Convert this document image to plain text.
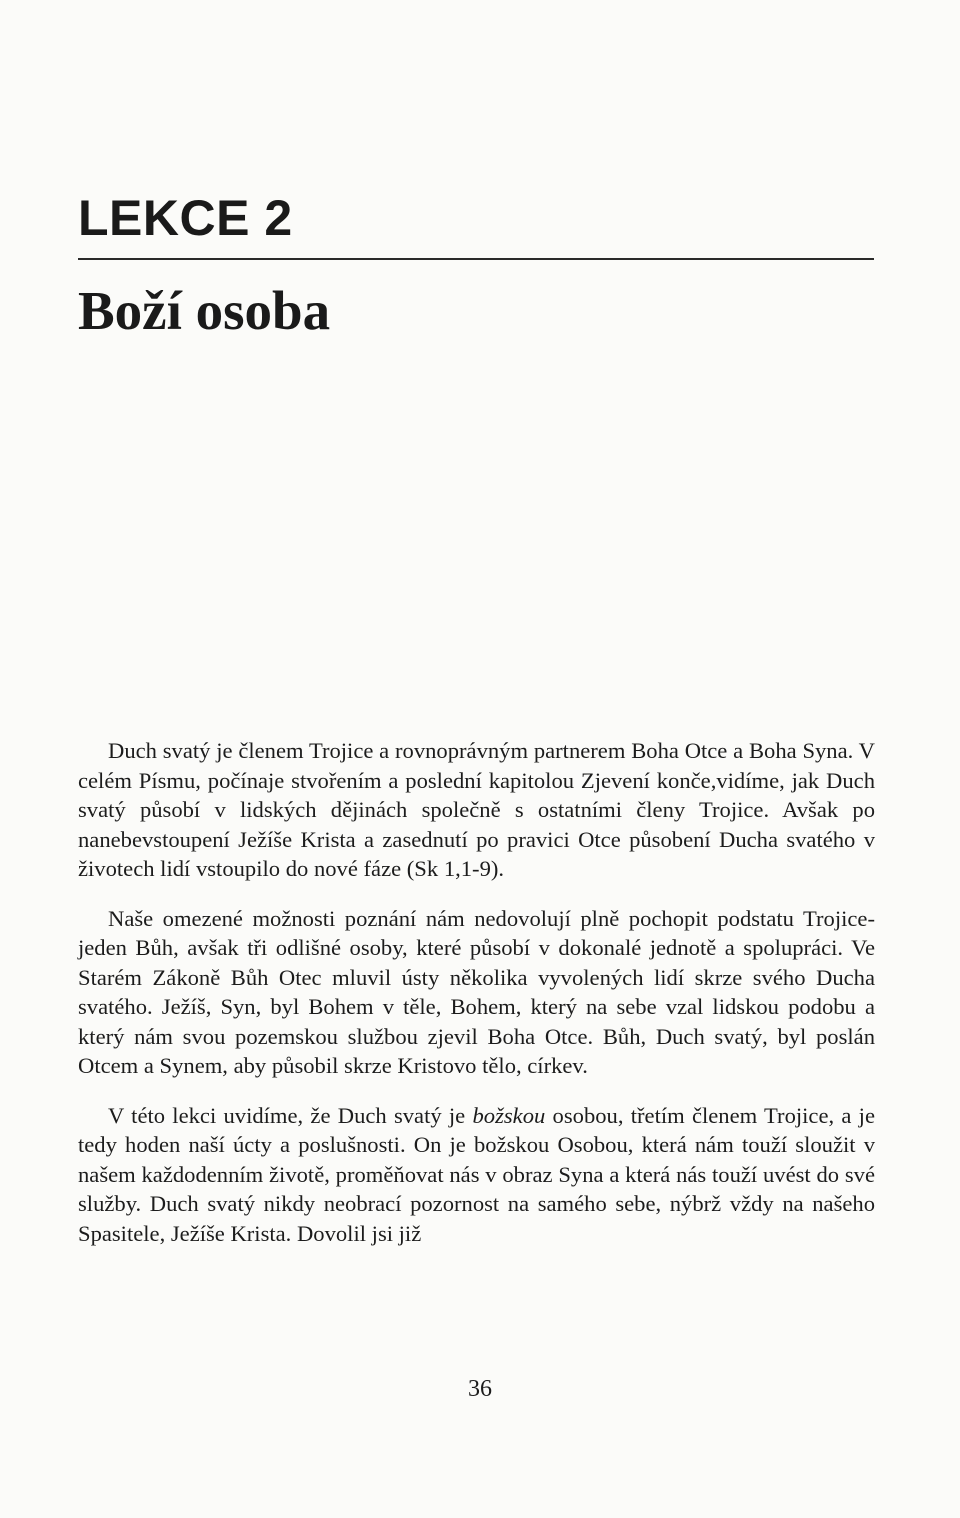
LEKCE 2
Boží osoba

Duch svatý je členem Trojice a rovnoprávným partnerem Boha Otce a Boha Syna. V celém Písmu, počínaje stvořením a poslední kapitolou Zjevení konče,vidíme, jak Duch svatý působí v lidských dějinách společně s ostatními členy Trojice. Avšak po nanebevstoupení Ježíše Krista a zasednutí po pravici Otce působení Ducha svatého v životech lidí vstoupilo do nové fáze (Sk 1,1-9).

Naše omezené možnosti poznání nám nedovolují plně pochopit podstatu Trojice-jeden Bůh, avšak tři odlišné osoby, které působí v dokonalé jednotě a spolupráci. Ve Starém Zákoně Bůh Otec mluvil ústy několika vyvolených lidí skrze svého Ducha svatého. Ježíš, Syn, byl Bohem v těle, Bohem, který na sebe vzal lidskou podobu a který nám svou pozemskou službou zjevil Boha Otce. Bůh, Duch svatý, byl poslán Otcem a Synem, aby působil skrze Kristovo tělo, církev.

V této lekci uvidíme, že Duch svatý je božskou osobou, třetím členem Trojice, a je tedy hoden naší úcty a poslušnosti. On je božskou Osobou, která nám touží sloužit v našem každodenním životě, proměňovat nás v obraz Syna a která nás touží uvést do své služby. Duch svatý nikdy neobrací pozornost na samého sebe, nýbrž vždy na našeho Spasitele, Ježíše Krista. Dovolil jsi již

36
